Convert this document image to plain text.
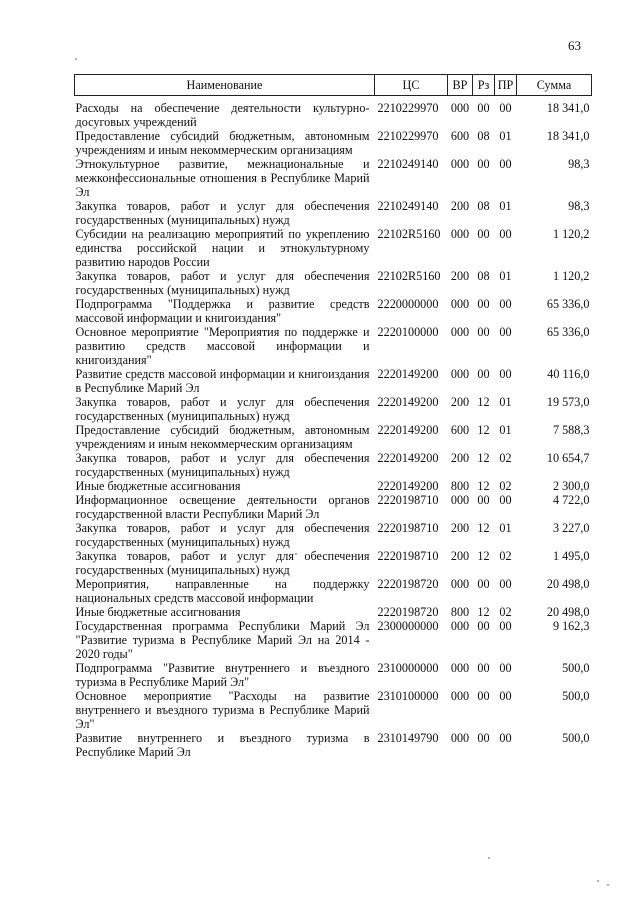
63
Наименование	ЦС	ВР	Рз	ПР	Сумма
Расходы на обеспечение деятельности культурно-досуговых учреждений	2210229970	000	00	00	18 341,0
Предоставление субсидий бюджетным, автономным учреждениям и иным некоммерческим организациям	2210229970	600	08	01	18 341,0
Этнокультурное развитие, межнациональные и межконфессиональные отношения в Республике Марий Эл	2210249140	000	00	00	98,3
Закупка товаров, работ и услуг для обеспечения государственных (муниципальных) нужд	2210249140	200	08	01	98,3
Субсидии на реализацию мероприятий по укреплению единства российской нации и этнокультурному развитию народов России	22102R5160	000	00	00	1 120,2
Закупка товаров, работ и услуг для обеспечения государственных (муниципальных) нужд	22102R5160	200	08	01	1 120,2
Подпрограмма "Поддержка и развитие средств массовой информации и книгоиздания"	2220000000	000	00	00	65 336,0
Основное мероприятие "Мероприятия по поддержке и развитию средств массовой информации и книгоиздания"	2220100000	000	00	00	65 336,0
Развитие средств массовой информации и книгоиздания в Республике Марий Эл	2220149200	000	00	00	40 116,0
Закупка товаров, работ и услуг для обеспечения государственных (муниципальных) нужд	2220149200	200	12	01	19 573,0
Предоставление субсидий бюджетным, автономным учреждениям и иным некоммерческим организациям	2220149200	600	12	01	7 588,3
Закупка товаров, работ и услуг для обеспечения государственных (муниципальных) нужд	2220149200	200	12	02	10 654,7
Иные бюджетные ассигнования	2220149200	800	12	02	2 300,0
Информационное освещение деятельности органов государственной власти Республики Марий Эл	2220198710	000	00	00	4 722,0
Закупка товаров, работ и услуг для обеспечения государственных (муниципальных) нужд	2220198710	200	12	01	3 227,0
Закупка товаров, работ и услуг для обеспечения государственных (муниципальных) нужд	2220198710	200	12	02	1 495,0
Мероприятия, направленные на поддержку национальных средств массовой информации	2220198720	000	00	00	20 498,0
Иные бюджетные ассигнования	2220198720	800	12	02	20 498,0
Государственная программа Республики Марий Эл "Развитие туризма в Республике Марий Эл на 2014 - 2020 годы"	2300000000	000	00	00	9 162,3
Подпрограмма "Развитие внутреннего и въездного туризма в Республике Марий Эл"	2310000000	000	00	00	500,0
Основное мероприятие "Расходы на развитие внутреннего и въездного туризма в Республике Марий Эл"	2310100000	000	00	00	500,0
Развитие внутреннего и въездного туризма в Республике Марий Эл	2310149790	000	00	00	500,0
